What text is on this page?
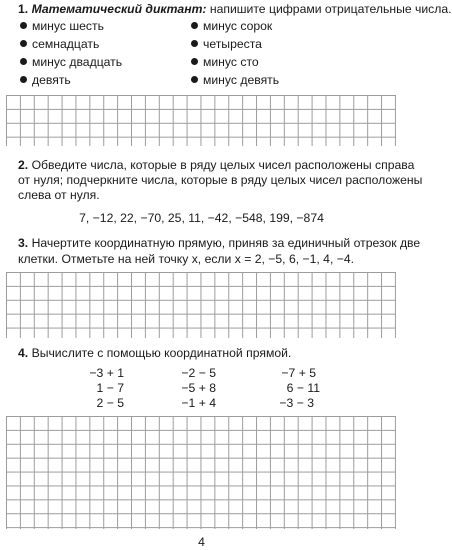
1. Математический диктант: напишите цифрами отрицательные числа.
минус шесть
семнадцать
минус двадцать
девять
минус сорок
четыреста
минус сто
минус девять
2. Обведите числа, которые в ряду целых чисел расположены справа
от нуля; подчеркните числа, которые в ряду целых чисел расположены
слева от нуля.
7, −12, 22, −70, 25, 11, −42, −548, 199, −874
3. Начертите координатную прямую, приняв за единичный отрезок две
клетки. Отметьте на ней точку x, если x = 2, −5, 6, −1, 4, −4.
4. Вычислите с помощью координатной прямой.
−3 + 1
1 − 7
2 − 5
−2 − 5
−5 + 8
−1 + 4
−7 + 5
6 − 11
−3 − 3
4
